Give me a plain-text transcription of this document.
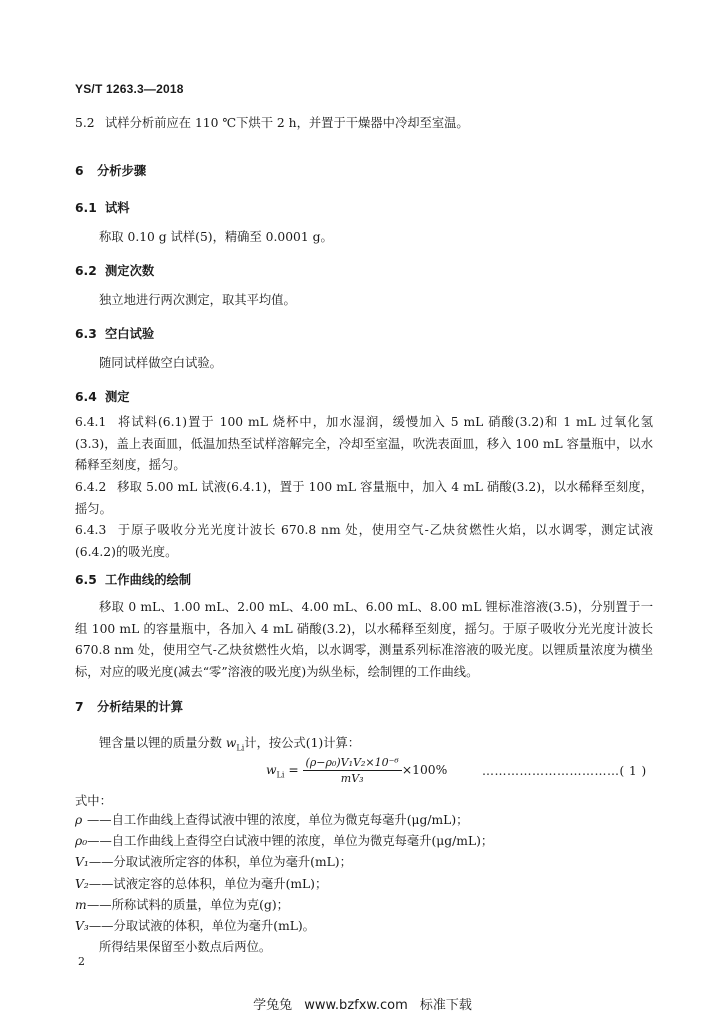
YS/T 1263.3—2018
5.2 试样分析前应在 110 ℃下烘干 2 h，并置于干燥器中冷却至室温。
6 分析步骤
6.1 试料
称取 0.10 g 试样(5)，精确至 0.0001 g。
6.2 测定次数
独立地进行两次测定，取其平均值。
6.3 空白试验
随同试样做空白试验。
6.4 测定
6.4.1 将试料(6.1)置于 100 mL 烧杯中，加水湿润，缓慢加入 5 mL 硝酸(3.2)和 1 mL 过氧化氢(3.3)，盖上表面皿，低温加热至试样溶解完全，冷却至室温，吹洗表面皿，移入 100 mL 容量瓶中，以水稀释至刻度，摇匀。
6.4.2 移取 5.00 mL 试液(6.4.1)，置于 100 mL 容量瓶中，加入 4 mL 硝酸(3.2)，以水稀释至刻度，摇匀。
6.4.3 于原子吸收分光光度计波长 670.8 nm 处，使用空气-乙炔贫燃性火焰，以水调零，测定试液(6.4.2)的吸光度。
6.5 工作曲线的绘制
移取 0 mL、1.00 mL、2.00 mL、4.00 mL、6.00 mL、8.00 mL 锂标准溶液(3.5)，分别置于一组 100 mL 的容量瓶中，各加入 4 mL 硝酸(3.2)，以水稀释至刻度，摇匀。于原子吸收分光光度计波长 670.8 nm 处，使用空气-乙炔贫燃性火焰，以水调零，测量系列标准溶液的吸光度。以锂质量浓度为横坐标，对应的吸光度(减去“零”溶液的吸光度)为纵坐标，绘制锂的工作曲线。
7 分析结果的计算
锂含量以锂的质量分数 $w_{Li}$计，按公式(1)计算：
$w_{Li} = \frac{\text{(ρ−ρ₀)V₁V₂×10⁻⁶}}{\text{mV₃}} \times 100\%$	……………………………( 1 )
式中：
ρ ——自工作曲线上查得试液中锂的浓度，单位为微克每毫升(μg/mL)；
ρ₀——自工作曲线上查得空白试液中锂的浓度，单位为微克每毫升(μg/mL)；
V₁——分取试液所定容的体积，单位为毫升(mL)；
V₂——试液定容的总体积，单位为毫升(mL)；
m——所称试料的质量，单位为克(g)；
V₃——分取试液的体积，单位为毫升(mL)。
所得结果保留至小数点后两位。
2
学兔兔 www.bzfxw.com 标准下载
